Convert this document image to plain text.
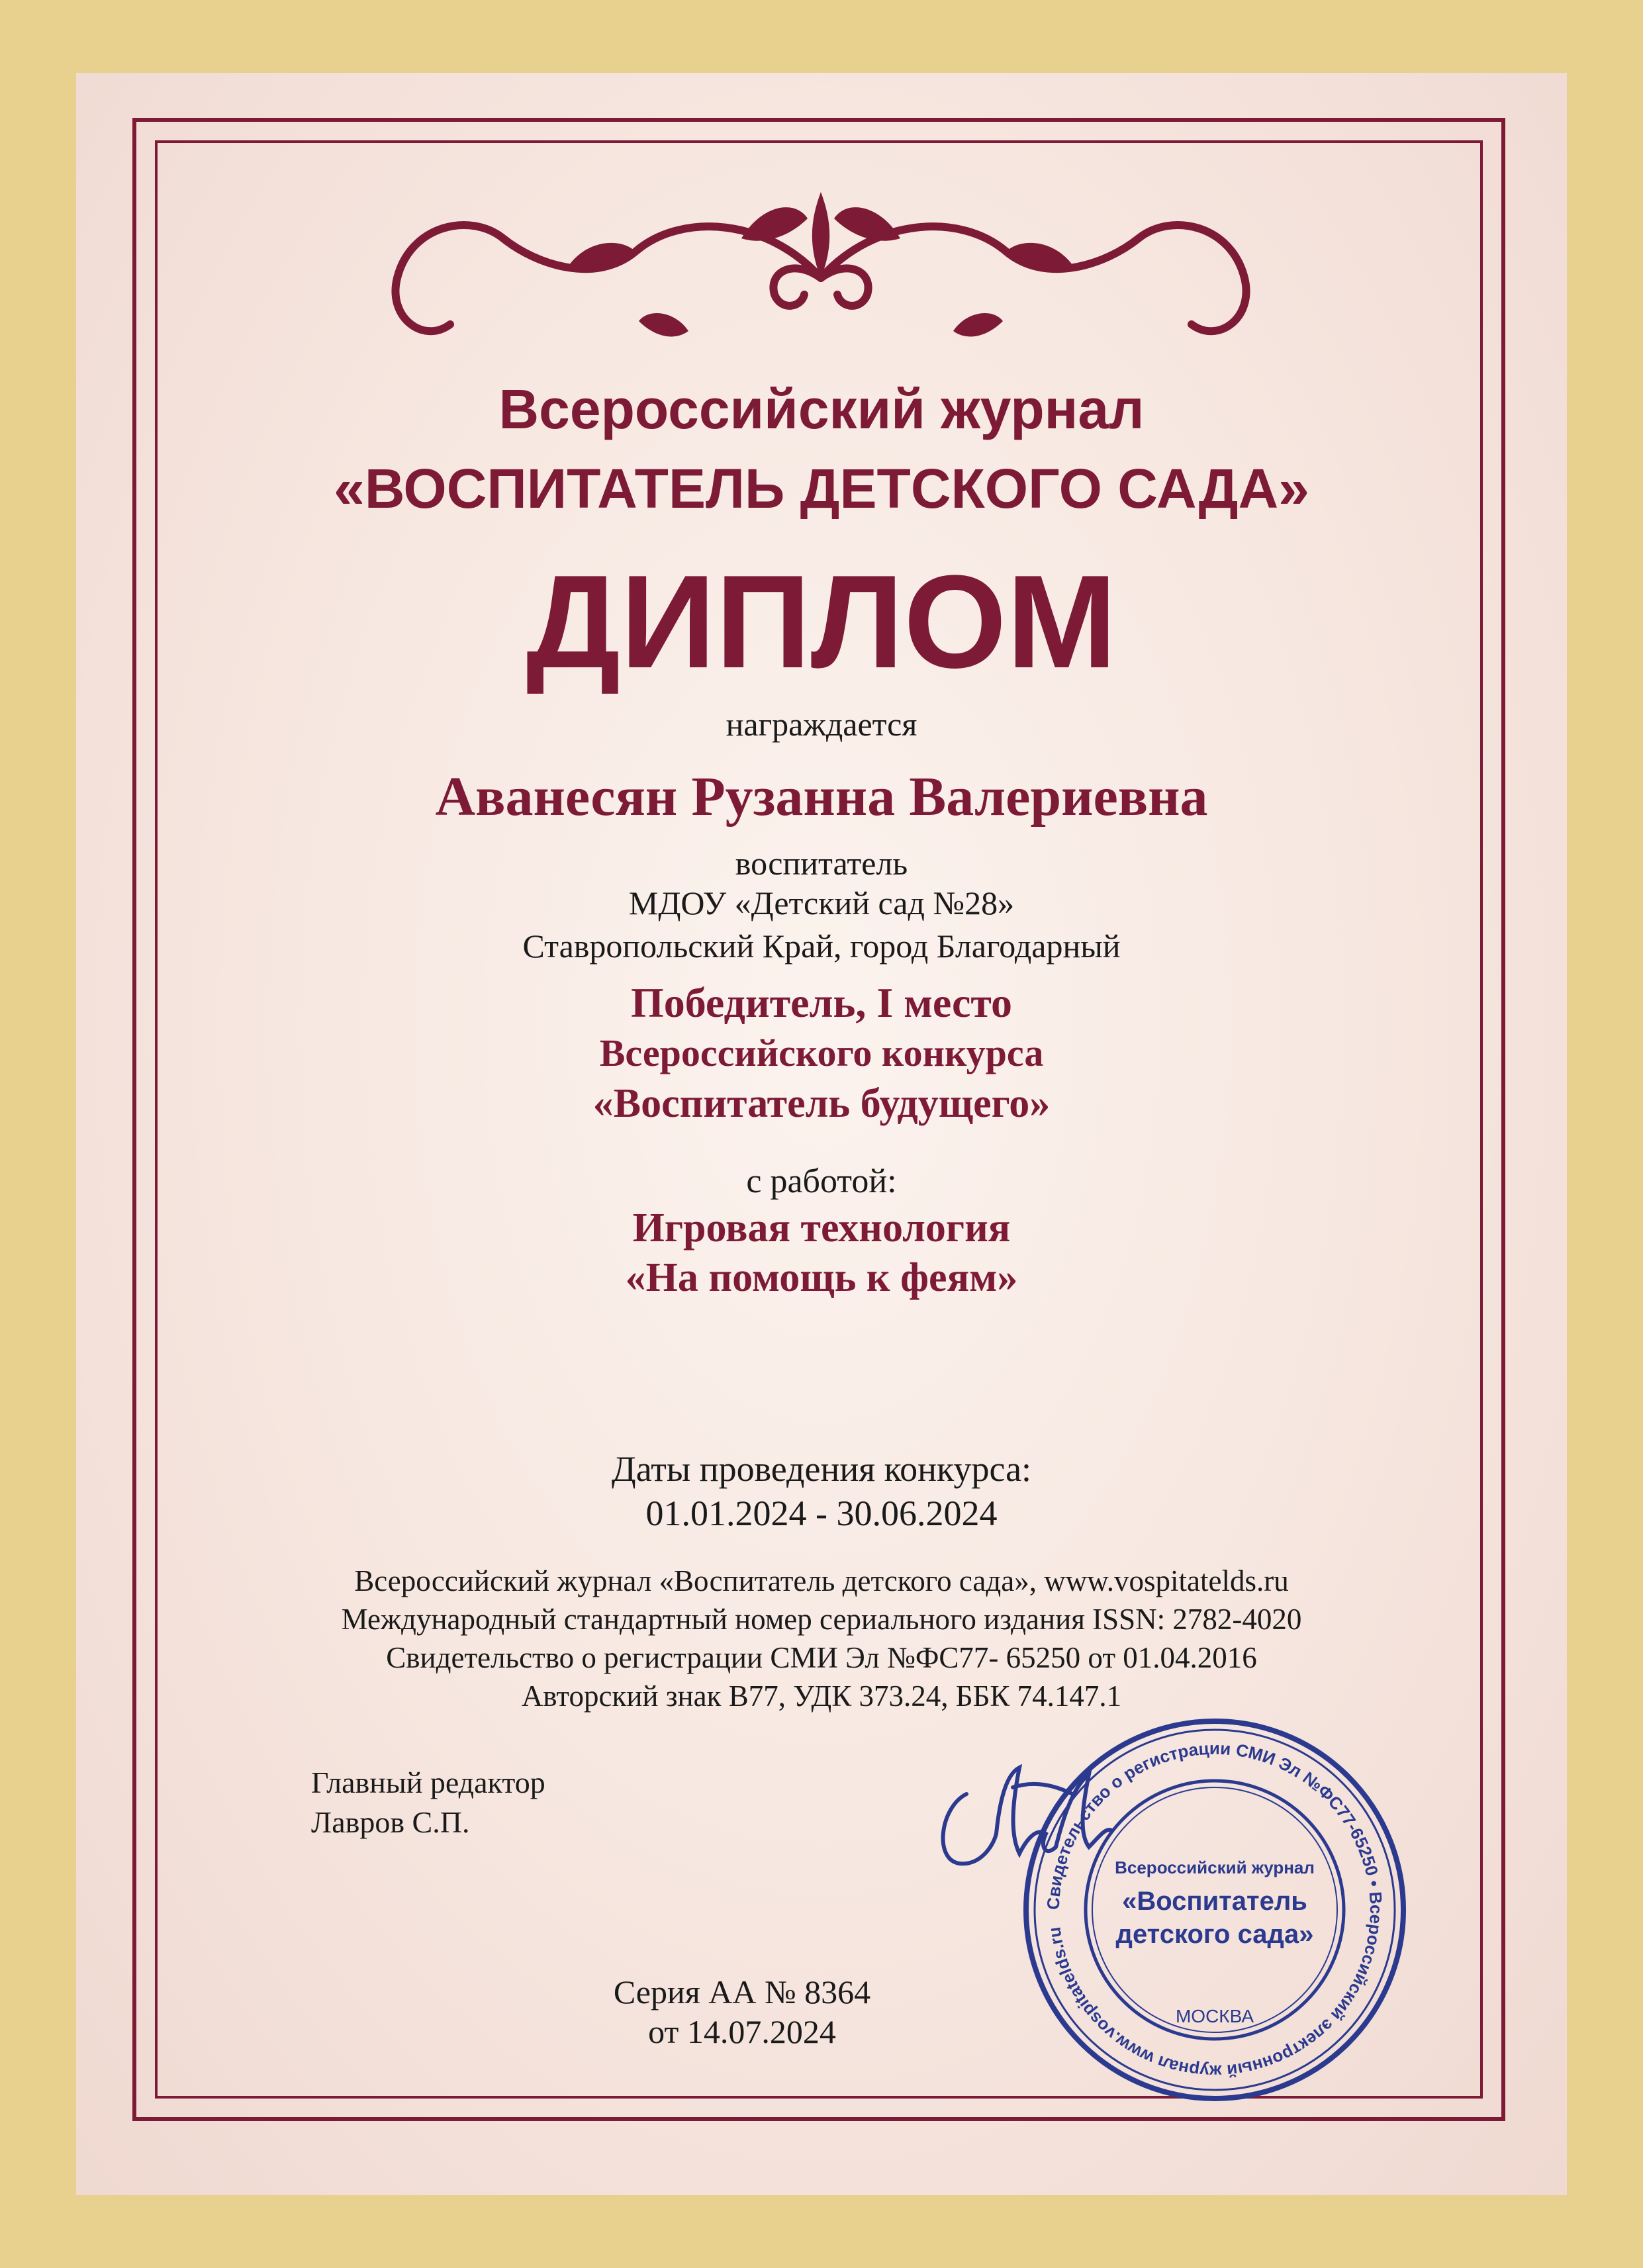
Всероссийский журнал
«ВОСПИТАТЕЛЬ ДЕТСКОГО САДА»
ДИПЛОМ
награждается
Аванесян Рузанна Валериевна
воспитатель
МДОУ «Детский сад №28»
Ставропольский Край, город Благодарный
Победитель, I место
Всероссийского конкурса
«Воспитатель будущего»
с работой:
Игровая технология
«На помощь к феям»
Даты проведения конкурса:
01.01.2024 - 30.06.2024
Всероссийский журнал «Воспитатель детского сада», www.vospitatelds.ru
Международный стандартный номер сериального издания ISSN: 2782-4020
Свидетельство о регистрации СМИ Эл №ФС77- 65250 от 01.04.2016
Авторский знак В77, УДК 373.24, ББК 74.147.1
Главный редактор
Лавров С.П.
Свидетельство о регистрации СМИ Эл №ФС77-65250 • Всероссийский электронный журнал www.vospitatelds.ru
Всероссийский журнал
«Воспитатель
детского сада»
МОСКВА
Серия АА № 8364
от 14.07.2024
